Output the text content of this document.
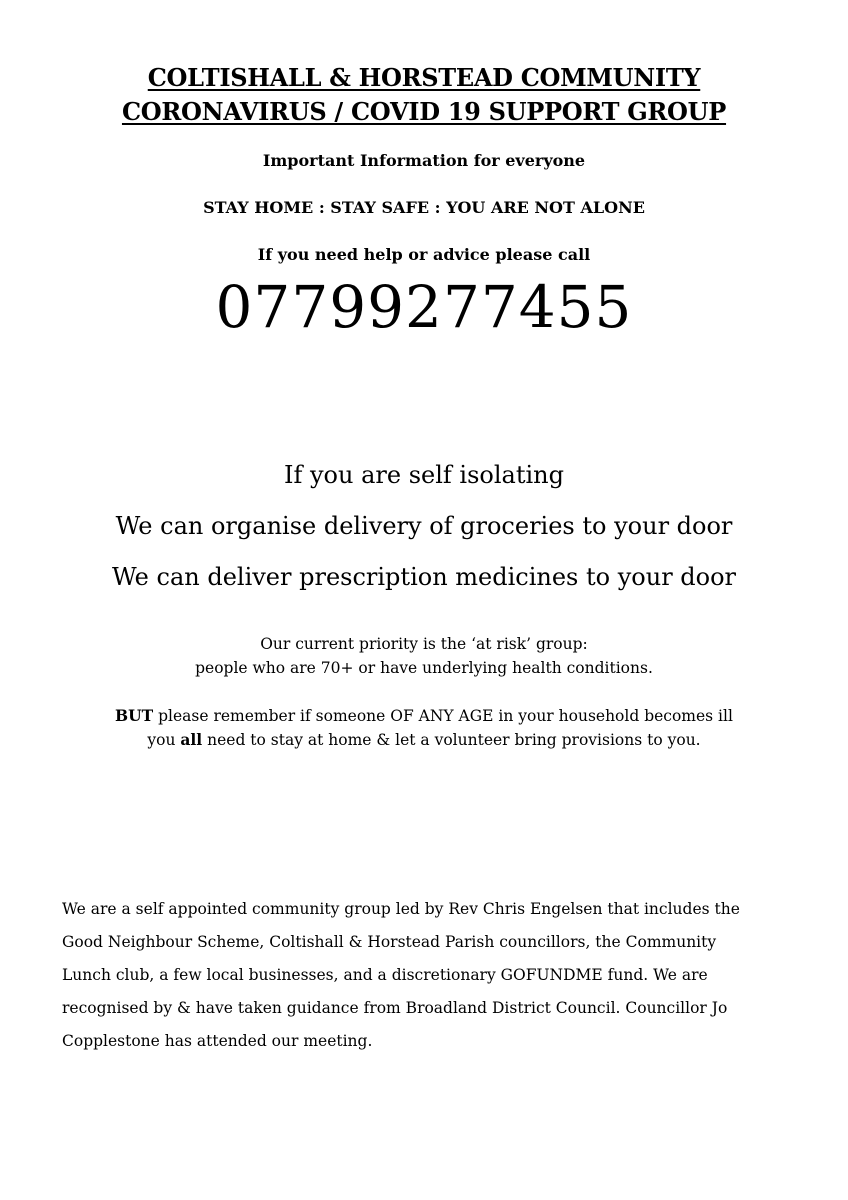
COLTISHALL & HORSTEAD COMMUNITY
CORONAVIRUS / COVID 19 SUPPORT GROUP
Important Information for everyone
STAY HOME : STAY SAFE : YOU ARE NOT ALONE
If you need help or advice please call
07799277455
If you are self isolating
We can organise delivery of groceries to your door
We can deliver prescription medicines to your door
Our current priority is the ‘at risk’ group:
people who are 70+ or have underlying health conditions.
BUT please remember if someone OF ANY AGE in your household becomes ill
you all need to stay at home & let a volunteer bring provisions to you.
We are a self appointed community group led by Rev Chris Engelsen that includes the
Good Neighbour Scheme, Coltishall & Horstead Parish councillors, the Community
Lunch club, a few local businesses, and a discretionary GOFUNDME fund. We are
recognised by & have taken guidance from Broadland District Council. Councillor Jo
Copplestone has attended our meeting.
